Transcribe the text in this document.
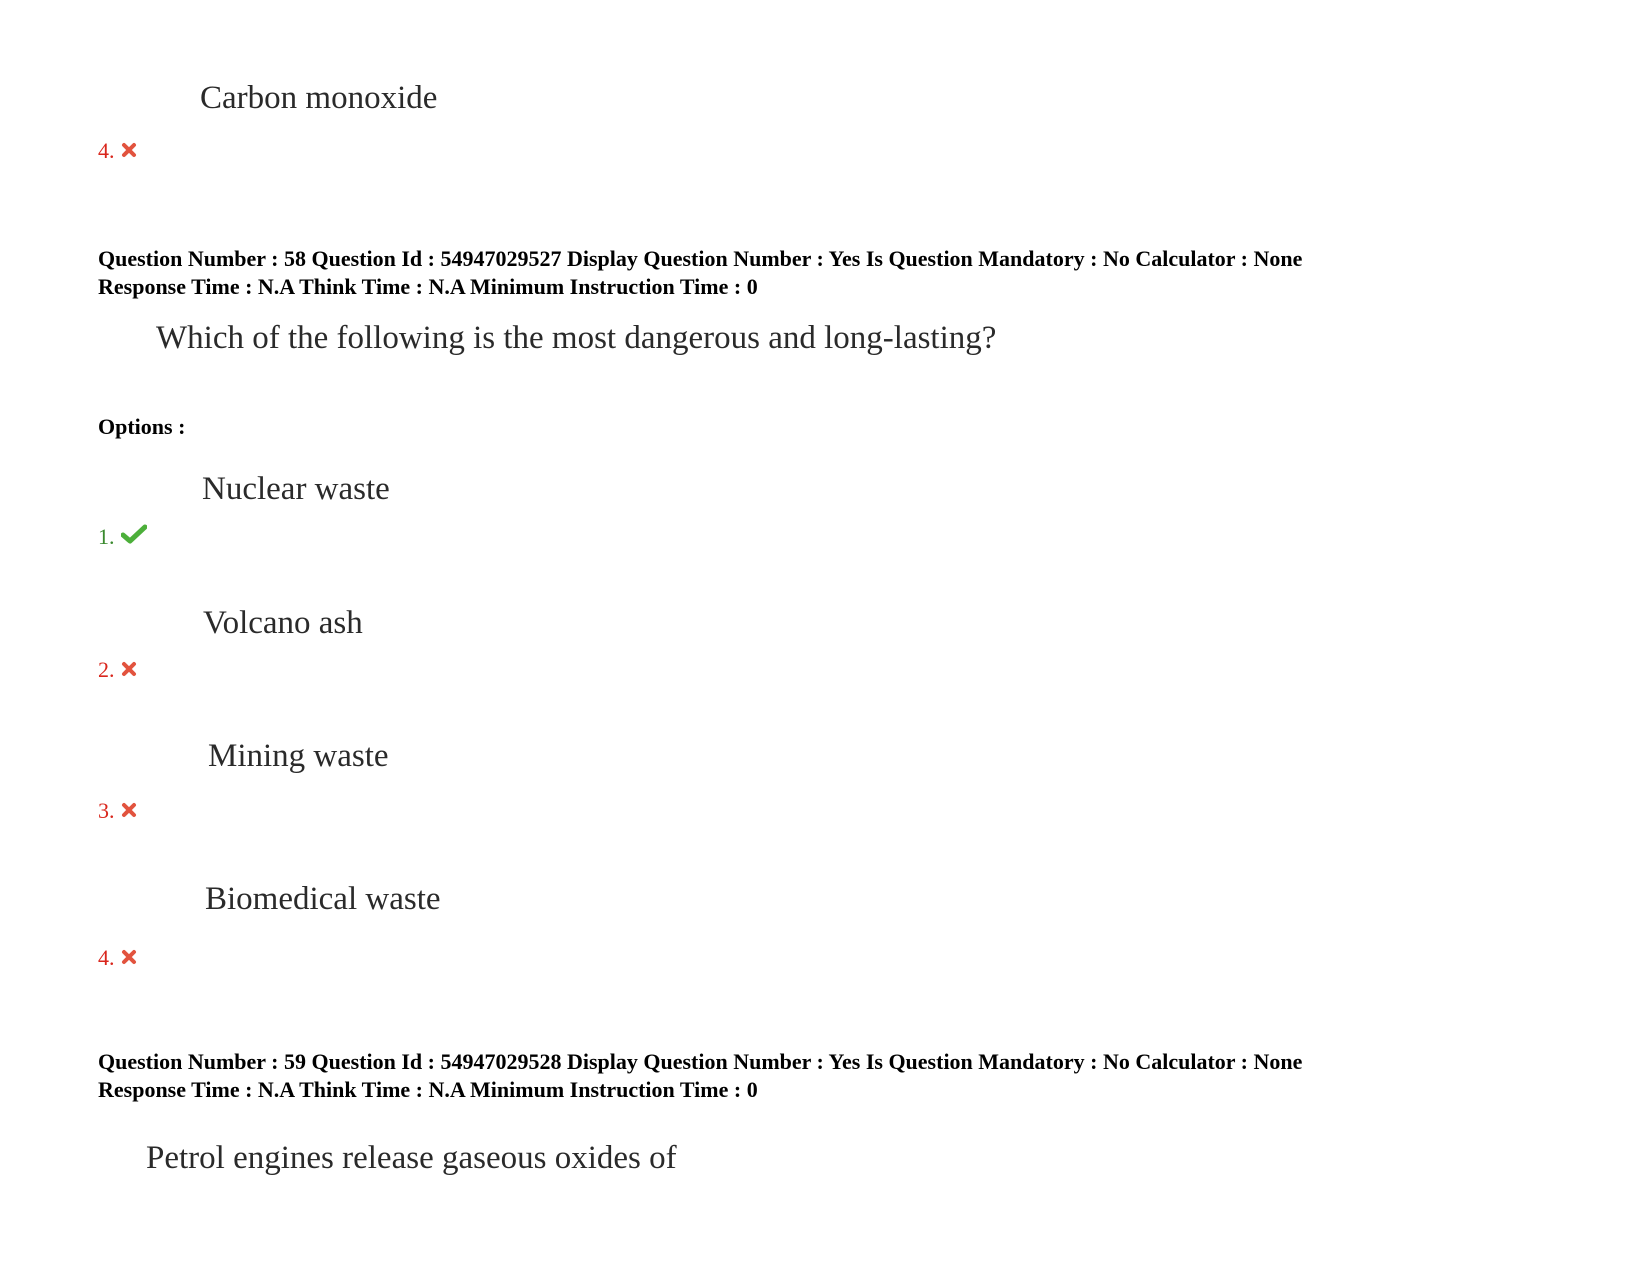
Carbon monoxide
4.
Question Number : 58 Question Id : 54947029527 Display Question Number : Yes Is Question Mandatory : No Calculator : None
Response Time : N.A Think Time : N.A Minimum Instruction Time : 0
Which of the following is the most dangerous and long-lasting?
Options :
Nuclear waste
1.
Volcano ash
2.
Mining waste
3.
Biomedical waste
4.
Question Number : 59 Question Id : 54947029528 Display Question Number : Yes Is Question Mandatory : No Calculator : None
Response Time : N.A Think Time : N.A Minimum Instruction Time : 0
Petrol engines release gaseous oxides of
